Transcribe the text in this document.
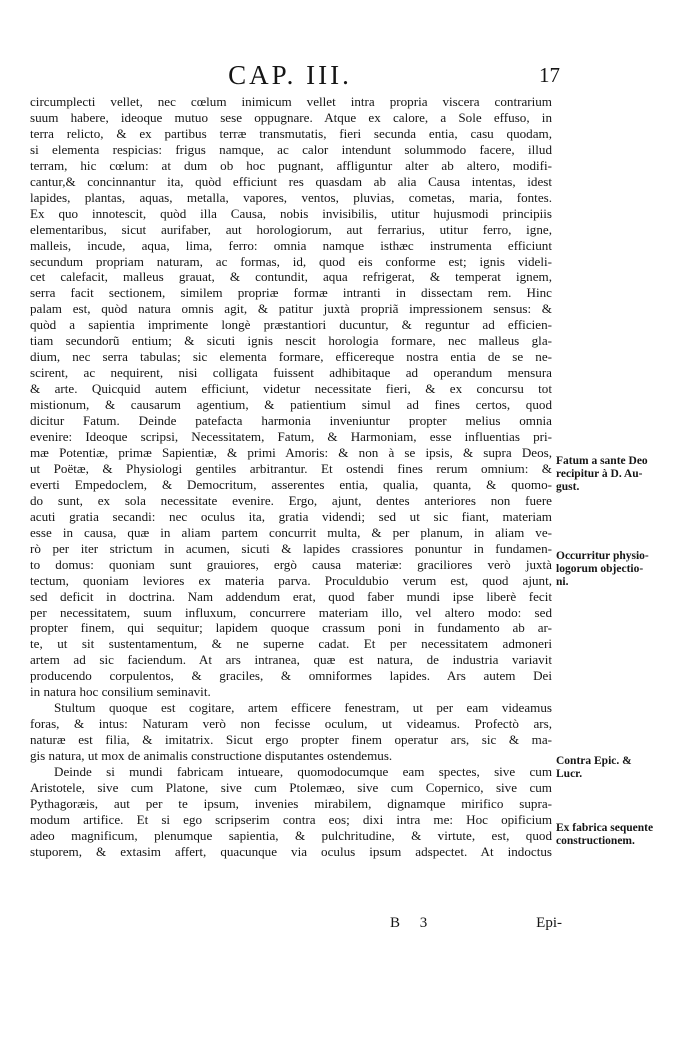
CAP. III.	17
circumplecti vellet, nec cœlum inimicum vellet intra propria viscera contrarium
suum habere, ideoque mutuo sese oppugnare. Atque ex calore, a Sole effuso, in
terra relicto, & ex partibus terræ transmutatis, fieri secunda entia, casu quodam,
si elementa respicias: frigus namque, ac calor intendunt solummodo facere, illud
terram, hic cœlum: at dum ob hoc pugnant, affliguntur alter ab altero, modifi-
cantur,& concinnantur ita, quòd efficiunt res quasdam ab alia Causa intentas, idest
lapides, plantas, aquas, metalla, vapores, ventos, pluvias, cometas, maria, fontes.
Ex quo innotescit, quòd illa Causa, nobis invisibilis, utitur hujusmodi principiis
elementaribus, sicut aurifaber, aut horologiorum, aut ferrarius, utitur ferro, igne,
malleis, incude, aqua, lima, ferro: omnia namque isthæc instrumenta efficiunt
secundum propriam naturam, ac formas, id, quod eis conforme est; ignis videli-
cet calefacit, malleus grauat, & contundit, aqua refrigerat, & temperat ignem,
serra facit sectionem, similem propriæ formæ intranti in dissectam rem. Hinc
palam est, quòd natura omnis agit, & patitur juxtà propriã impressionem sensus: &
quòd a sapientia imprimente longè præstantiori ducuntur, & reguntur ad efficien-
tiam secundorũ entium; & sicuti ignis nescit horologia formare, nec malleus gla-
dium, nec serra tabulas; sic elementa formare, efficereque nostra entia de se ne-
scirent, ac nequirent, nisi colligata fuissent adhibitaque ad operandum mensura
& arte. Quicquid autem efficiunt, videtur necessitate fieri, & ex concursu tot
mistionum, & causarum agentium, & patientium simul ad fines certos, quod
dicitur Fatum. Deinde patefacta harmonia inveniuntur propter melius omnia
evenire: Ideoque scripsi, Necessitatem, Fatum, & Harmoniam, esse influentias pri-
mæ Potentiæ, primæ Sapientiæ, & primi Amoris: & non à se ipsis, & supra Deos,
ut Poëtæ, & Physiologi gentiles arbitrantur. Et ostendi fines rerum omnium: &
everti Empedoclem, & Democritum, asserentes entia, qualia, quanta, & quomo-
do sunt, ex sola necessitate evenire. Ergo, ajunt, dentes anteriores non fuere
acuti gratia secandi: nec oculus ita, gratia videndi; sed ut sic fiant, materiam
esse in causa, quæ in aliam partem concurrit multa, & per planum, in aliam ve-
rò per iter strictum in acumen, sicuti & lapides crassiores ponuntur in fundamen-
to domus: quoniam sunt grauiores, ergò causa materiæ: graciliores verò juxtà
tectum, quoniam leviores ex materia parva. Proculdubio verum est, quod ajunt,
sed deficit in doctrina. Nam addendum erat, quod faber mundi ipse liberè fecit
per necessitatem, suum influxum, concurrere materiam illo, vel altero modo: sed
propter finem, qui sequitur; lapidem quoque crassum poni in fundamento ab ar-
te, ut sit sustentamentum, & ne superne cadat. Et per necessitatem admoneri
artem ad sic faciendum. At ars intranea, quæ est natura, de industria variavit
producendo corpulentos, & graciles, & omniformes lapides. Ars autem Dei
in natura hoc consilium seminavit.
Stultum quoque est cogitare, artem efficere fenestram, ut per eam videamus
foras, & intus: Naturam verò non fecisse oculum, ut videamus. Profectò ars,
naturæ est filia, & imitatrix. Sicut ergo propter finem operatur ars, sic & ma-
gis natura, ut mox de animalis constructione disputantes ostendemus.
Deinde si mundi fabricam intueare, quomodocumque eam spectes, sive cum
Aristotele, sive cum Platone, sive cum Ptolemæo, sive cum Copernico, sive cum
Pythagoræis, aut per te ipsum, invenies mirabilem, dignamque mirifico supra-
modum artifice. Et si ego scripserim contra eos; dixi intra me: Hoc opificium
adeo magnificum, plenumque sapientia, & pulchritudine, & virtute, est, quod
stuporem, & extasim affert, quacunque via oculus ipsum adspectet. At indoctus
Fatum a sante Deo
recipitur à D. Au-
gust.
Occurritur physio-
logorum objectio-
ni.
Contra Epic. &
Lucr.
Ex fabrica sequente
constructionem.
B 3	Epi-
